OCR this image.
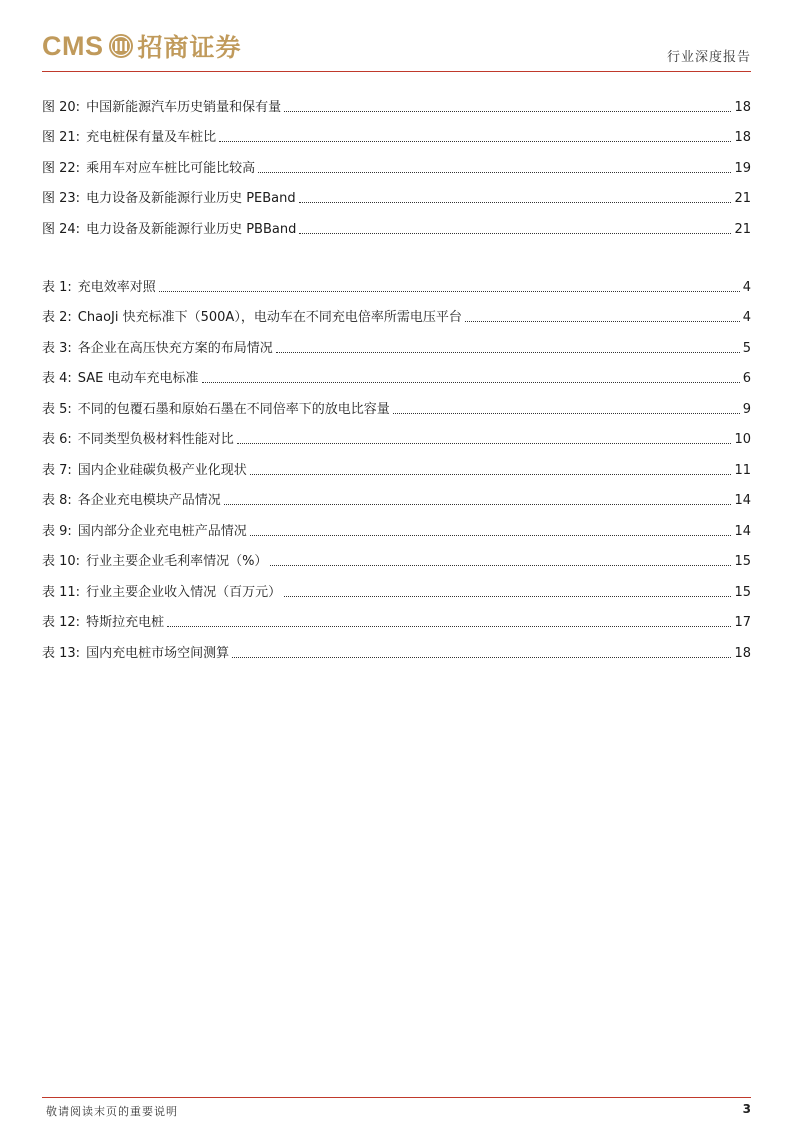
CMS 招商证券	行业深度报告
图 20: 中国新能源汽车历史销量和保有量	18
图 21: 充电桩保有量及车桩比	18
图 22: 乘用车对应车桩比可能比较高	19
图 23: 电力设备及新能源行业历史 PEBand	21
图 24: 电力设备及新能源行业历史 PBBand	21
表 1: 充电效率对照	4
表 2: ChaoJi 快充标准下（500A），电动车在不同充电倍率所需电压平台	4
表 3: 各企业在高压快充方案的布局情况	5
表 4: SAE 电动车充电标准	6
表 5: 不同的包覆石墨和原始石墨在不同倍率下的放电比容量	9
表 6: 不同类型负极材料性能对比	10
表 7: 国内企业硅碳负极产业化现状	11
表 8: 各企业充电模块产品情况	14
表 9: 国内部分企业充电桩产品情况	14
表 10: 行业主要企业毛利率情况（%）	15
表 11: 行业主要企业收入情况（百万元）	15
表 12: 特斯拉充电桩	17
表 13: 国内充电桩市场空间测算	18
敬请阅读末页的重要说明	3
